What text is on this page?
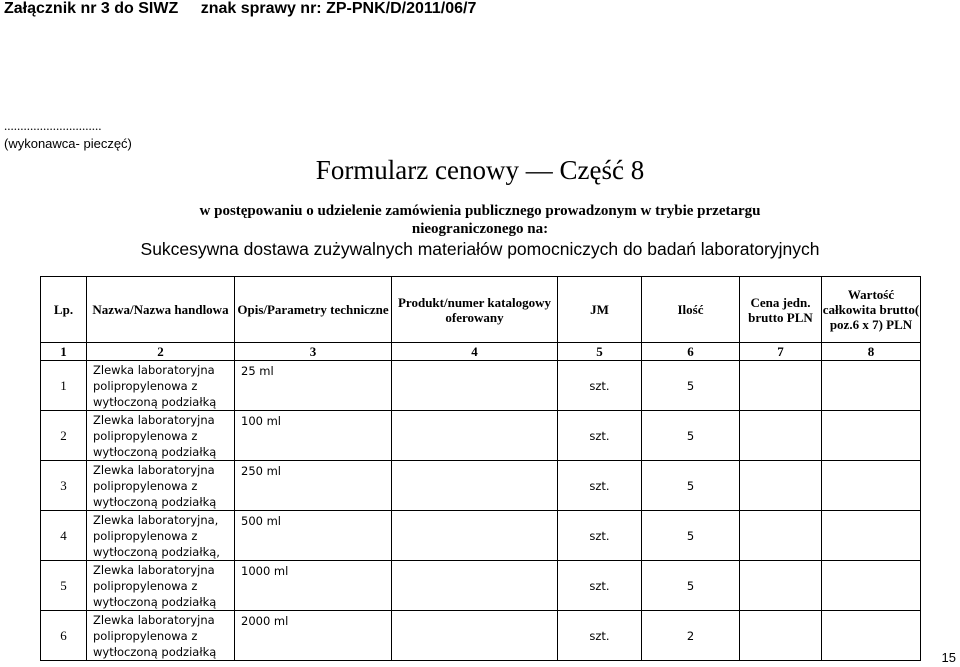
Załącznik nr 3 do SIWZ znak sprawy nr: ZP-PNK/D/2011/06/7
..............................
(wykonawca- pieczęć)
Formularz cenowy — Część 8
w postępowaniu o udzielenie zamówienia publicznego prowadzonym w trybie przetargu
nieograniczonego na:
Sukcesywna dostawa zużywalnych materiałów pomocniczych do badań laboratoryjnych
Lp.	Nazwa/Nazwa handlowa	Opis/Parametry techniczne	Produkt/numer katalogowy oferowany	JM	Ilość	Cena jedn. brutto PLN	Wartość całkowita brutto( poz.6 x 7) PLN
1	2	3	4	5	6	7	8
1	Zlewka laboratoryjna
polipropylenowa z
wytłoczoną podziałką	25 ml		szt.	5		
2	Zlewka laboratoryjna
polipropylenowa z
wytłoczoną podziałką	100 ml		szt.	5		
3	Zlewka laboratoryjna
polipropylenowa z
wytłoczoną podziałką	250 ml		szt.	5		
4	Zlewka laboratoryjna,
polipropylenowa z
wytłoczoną podziałką,	500 ml		szt.	5		
5	Zlewka laboratoryjna
polipropylenowa z
wytłoczoną podziałką	1000 ml		szt.	5		
6	Zlewka laboratoryjna
polipropylenowa z
wytłoczoną podziałką	2000 ml		szt.	2		
15
